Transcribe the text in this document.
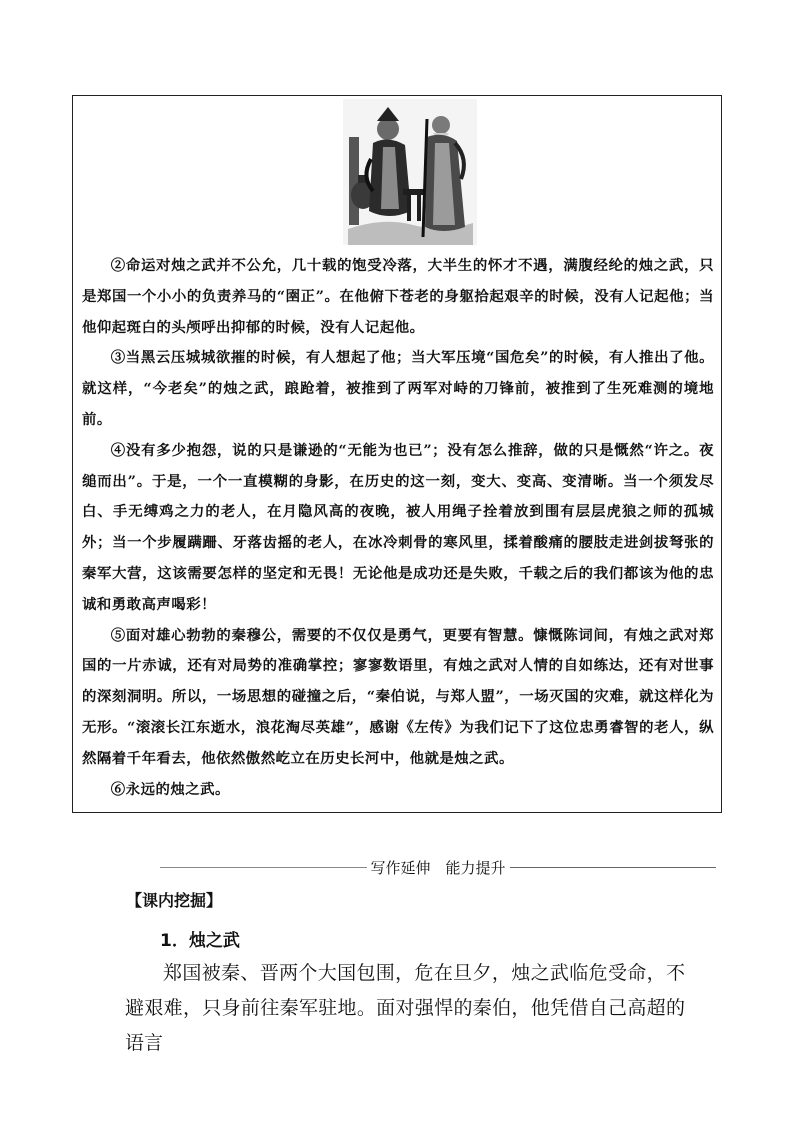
②命运对烛之武并不公允，几十载的饱受冷落，大半生的怀才不遇，满腹经纶的烛之武，只是郑国一个小小的负责养马的“圉正”。在他俯下苍老的身躯拾起艰辛的时候，没有人记起他；当他仰起斑白的头颅呼出抑郁的时候，没有人记起他。

③当黑云压城城欲摧的时候，有人想起了他；当大军压境“国危矣”的时候，有人推出了他。就这样，“今老矣”的烛之武，踉跄着，被推到了两军对峙的刀锋前，被推到了生死难测的境地前。

④没有多少抱怨，说的只是谦逊的“无能为也已”；没有怎么推辞，做的只是慨然“许之。夜缒而出”。于是，一个一直模糊的身影，在历史的这一刻，变大、变高、变清晰。当一个须发尽白、手无缚鸡之力的老人，在月隐风高的夜晚，被人用绳子拴着放到围有层层虎狼之师的孤城外；当一个步履蹒跚、牙落齿摇的老人，在冰冷刺骨的寒风里，揉着酸痛的腰肢走进剑拔弩张的秦军大营，这该需要怎样的坚定和无畏！无论他是成功还是失败，千载之后的我们都该为他的忠诚和勇敢高声喝彩！

⑤面对雄心勃勃的秦穆公，需要的不仅仅是勇气，更要有智慧。慷慨陈词间，有烛之武对郑国的一片赤诚，还有对局势的准确掌控；寥寥数语里，有烛之武对人情的自如练达，还有对世事的深刻洞明。所以，一场思想的碰撞之后，“秦伯说，与郑人盟”，一场灭国的灾难，就这样化为无形。“滚滚长江东逝水，浪花淘尽英雄”，感谢《左传》为我们记下了这位忠勇睿智的老人，纵然隔着千年看去，他依然傲然屹立在历史长河中，他就是烛之武。

⑥永远的烛之武。

写作延伸　能力提升
【课内挖掘】
1．烛之武

郑国被秦、晋两个大国包围，危在旦夕，烛之武临危受命，不避艰难，只身前往秦军驻地。面对强悍的秦伯，他凭借自己高超的语言
